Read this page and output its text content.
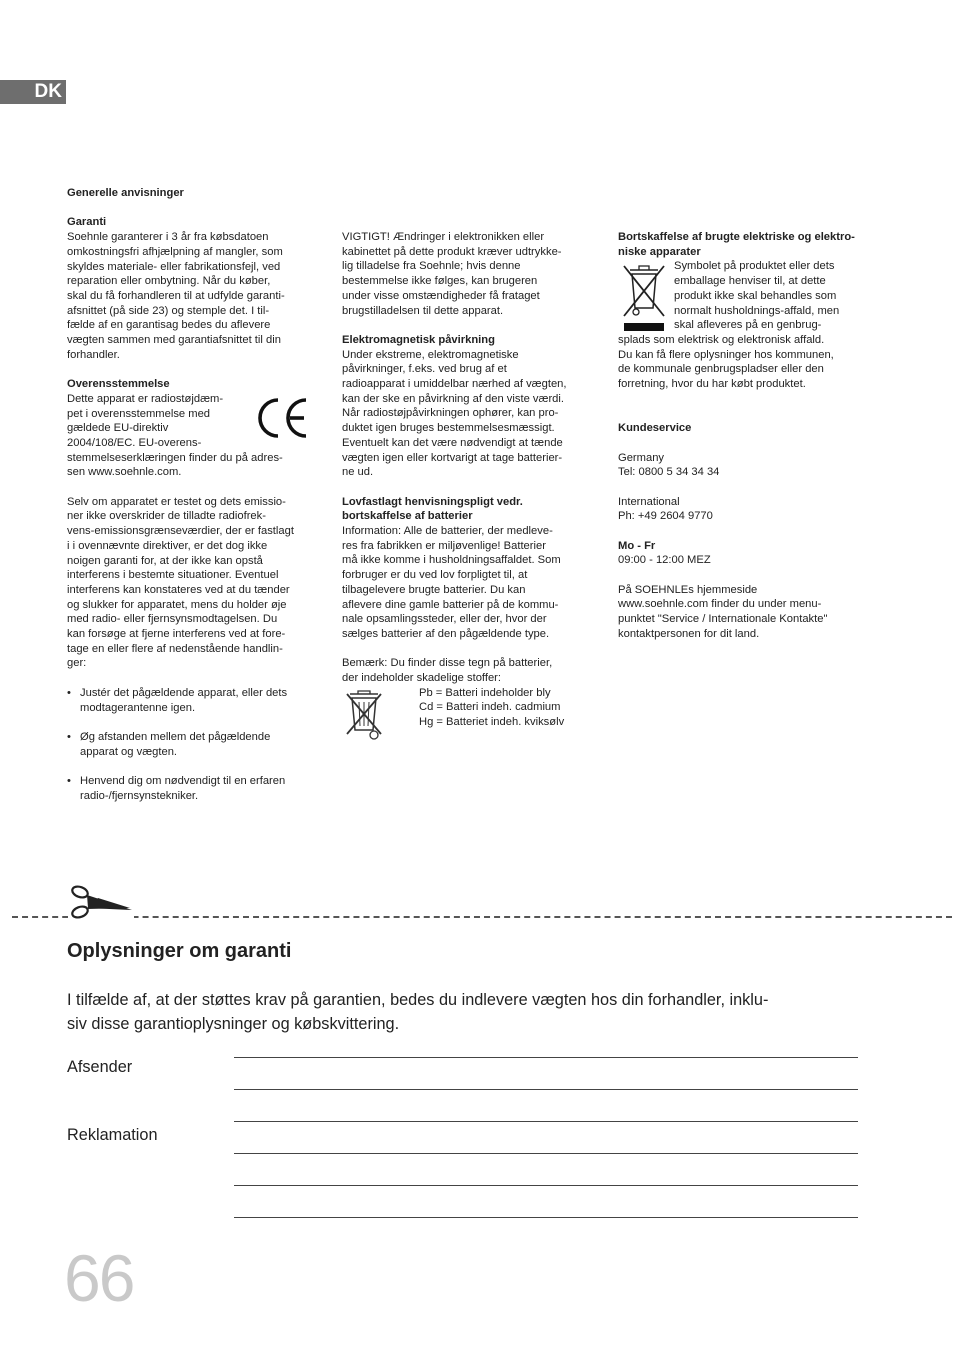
DK

Generelle anvisninger

Garanti

Soehnle garanterer i 3 år fra købsdatoen

omkostningsfri afhjælpning af mangler, som

skyldes materiale- eller fabrikationsfejl, ved

reparation eller ombytning. Når du køber,

skal du få forhandleren til at udfylde garanti-

afsnittet (på side 23) og stemple det. I til-

fælde af en garantisag bedes du aflevere

vægten sammen med garantiafsnittet til din

forhandler.

Overensstemmelse

Dette apparat er radiostøjdæm-

pet i overensstemmelse med

gældede EU-direktiv

2004/108/EC. EU-overens-

stemmelseserklæringen finder du på adres-

sen www.soehnle.com.

Selv om apparatet er testet og dets emissio-

ner ikke overskrider de tilladte radiofrek-

vens-emissionsgrænseværdier, der er fastlagt

i i ovennævnte direktiver, er det dog ikke

noigen garanti for, at der ikke kan opstå

interferens i bestemte situationer. Eventuel

interferens kan konstateres ved at du tænder

og slukker for apparatet, mens du holder øje

med radio- eller fjernsynsmodtagelsen. Du

kan forsøge at fjerne interferens ved at fore-

tage en eller flere af nedenstående handlin-

ger:

• Justér det pågældende apparat, eller dets
modtagerantenne igen.
• Øg afstanden mellem det pågældende
apparat og vægten.
• Henvend dig om nødvendigt til en erfaren
radio-/fjernsynstekniker.

VIGTIGT! Ændringer i elektronikken eller

kabinettet på dette produkt kræver udtrykke-

lig tilladelse fra Soehnle; hvis denne

bestemmelse ikke følges, kan brugeren

under visse omstændigheder få frataget

brugstilladelsen til dette apparat.

Elektromagnetisk påvirkning

Under ekstreme, elektromagnetiske

påvirkninger, f.eks. ved brug af et

radioapparat i umiddelbar nærhed af vægten,

kan der ske en påvirkning af den viste værdi.

Når radiostøjpåvirkningen ophører, kan pro-

duktet igen bruges bestemmelsesmæssigt.

Eventuelt kan det være nødvendigt at tænde

vægten igen eller kortvarigt at tage batterier-

ne ud.

Lovfastlagt henvisningspligt vedr.

bortskaffelse af batterier

Information: Alle de batterier, der medleve-

res fra fabrikken er miljøvenlige! Batterier

må ikke komme i husholdningsaffaldet. Som

forbruger er du ved lov forpligtet til, at

tilbagelevere brugte batterier. Du kan

aflevere dine gamle batterier på de kommu-

nale opsamlingssteder, eller der, hvor der

sælges batterier af den pågældende type.

Bemærk: Du finder disse tegn på batterier,

der indeholder skadelige stoffer:

Pb = Batteri indeholder bly

Cd = Batteri indeh. cadmium

Hg = Batteriet indeh. kviksølv

Bortskaffelse af brugte elektriske og elektro-

niske apparater

Symbolet på produktet eller dets

emballage henviser til, at dette

produkt ikke skal behandles som

normalt husholdnings-affald, men

skal afleveres på en genbrug-

splads som elektrisk og elektronisk affald.

Du kan få flere oplysninger hos kommunen,

de kommunale genbrugspladser eller den

forretning, hvor du har købt produktet.

Kundeservice

Germany

Tel: 0800 5 34 34 34

International

Ph: +49 2604 9770

Mo - Fr

09:00 - 12:00 MEZ

På SOEHNLEs hjemmeside

www.soehnle.com finder du under menu-

punktet "Service / Internationale Kontakte"

kontaktpersonen for dit land.

Oplysninger om garanti
I tilfælde af, at der støttes krav på garantien, bedes du indlevere vægten hos din forhandler, inklu-
siv disse garantioplysninger og købskvittering.
Afsender
Reklamation
66
